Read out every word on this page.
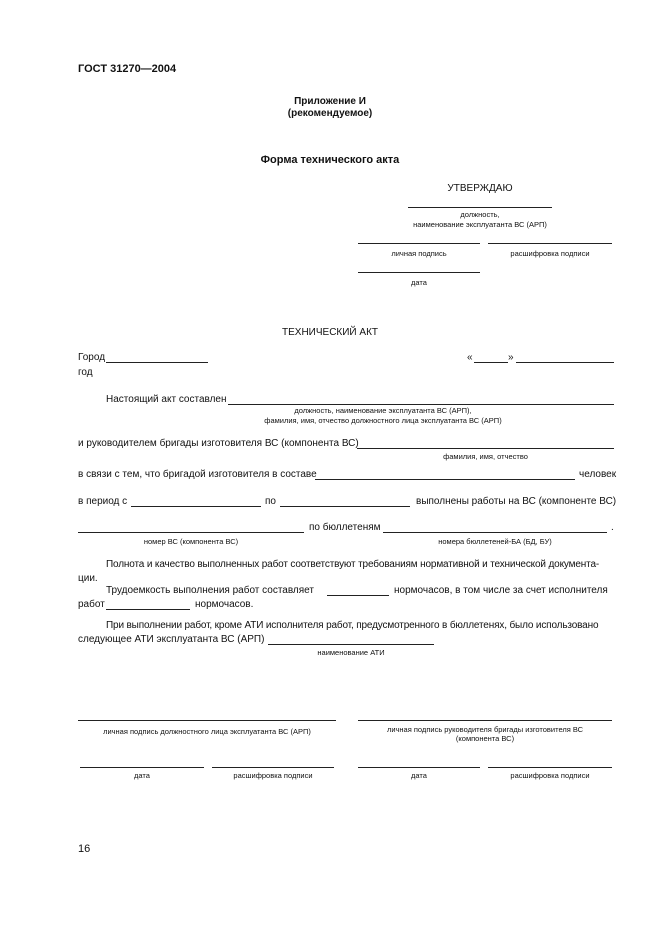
ГОСТ 31270—2004
Приложение И
(рекомендуемое)
Форма технического акта
УТВЕРЖДАЮ
должность,
наименование эксплуатанта ВС (АРП)
личная подпись	расшифровка подписи
дата
ТЕХНИЧЕСКИЙ АКТ
Город	«	»
год
Настоящий акт составлен
должность, наименование эксплуатанта ВС (АРП),
фамилия, имя, отчество должностного лица эксплуатанта ВС (АРП)
и руководителем бригады изготовителя ВС (компонента ВС)
фамилия, имя, отчество
в связи с тем, что бригадой изготовителя в составе	человек
в период с	по	выполнены работы на ВС (компоненте ВС)
по бюллетеням	.
номер ВС (компонента ВС)	номера бюллетеней-БА (БД, БУ)
Полнота и качество выполненных работ соответствуют требованиям нормативной и технической документа-
ции.
Трудоемкость выполнения работ составляет	нормочасов, в том числе за счет исполнителя
работ	нормочасов.
При выполнении работ, кроме АТИ исполнителя работ, предусмотренного в бюллетенях, было использовано
следующее АТИ эксплуатанта ВС (АРП)
наименование АТИ
личная подпись должностного лица эксплуатанта ВС (АРП)	личная подпись руководителя бригады изготовителя ВС
(компонента ВС)
дата	расшифровка подписи	дата	расшифровка подписи
16
